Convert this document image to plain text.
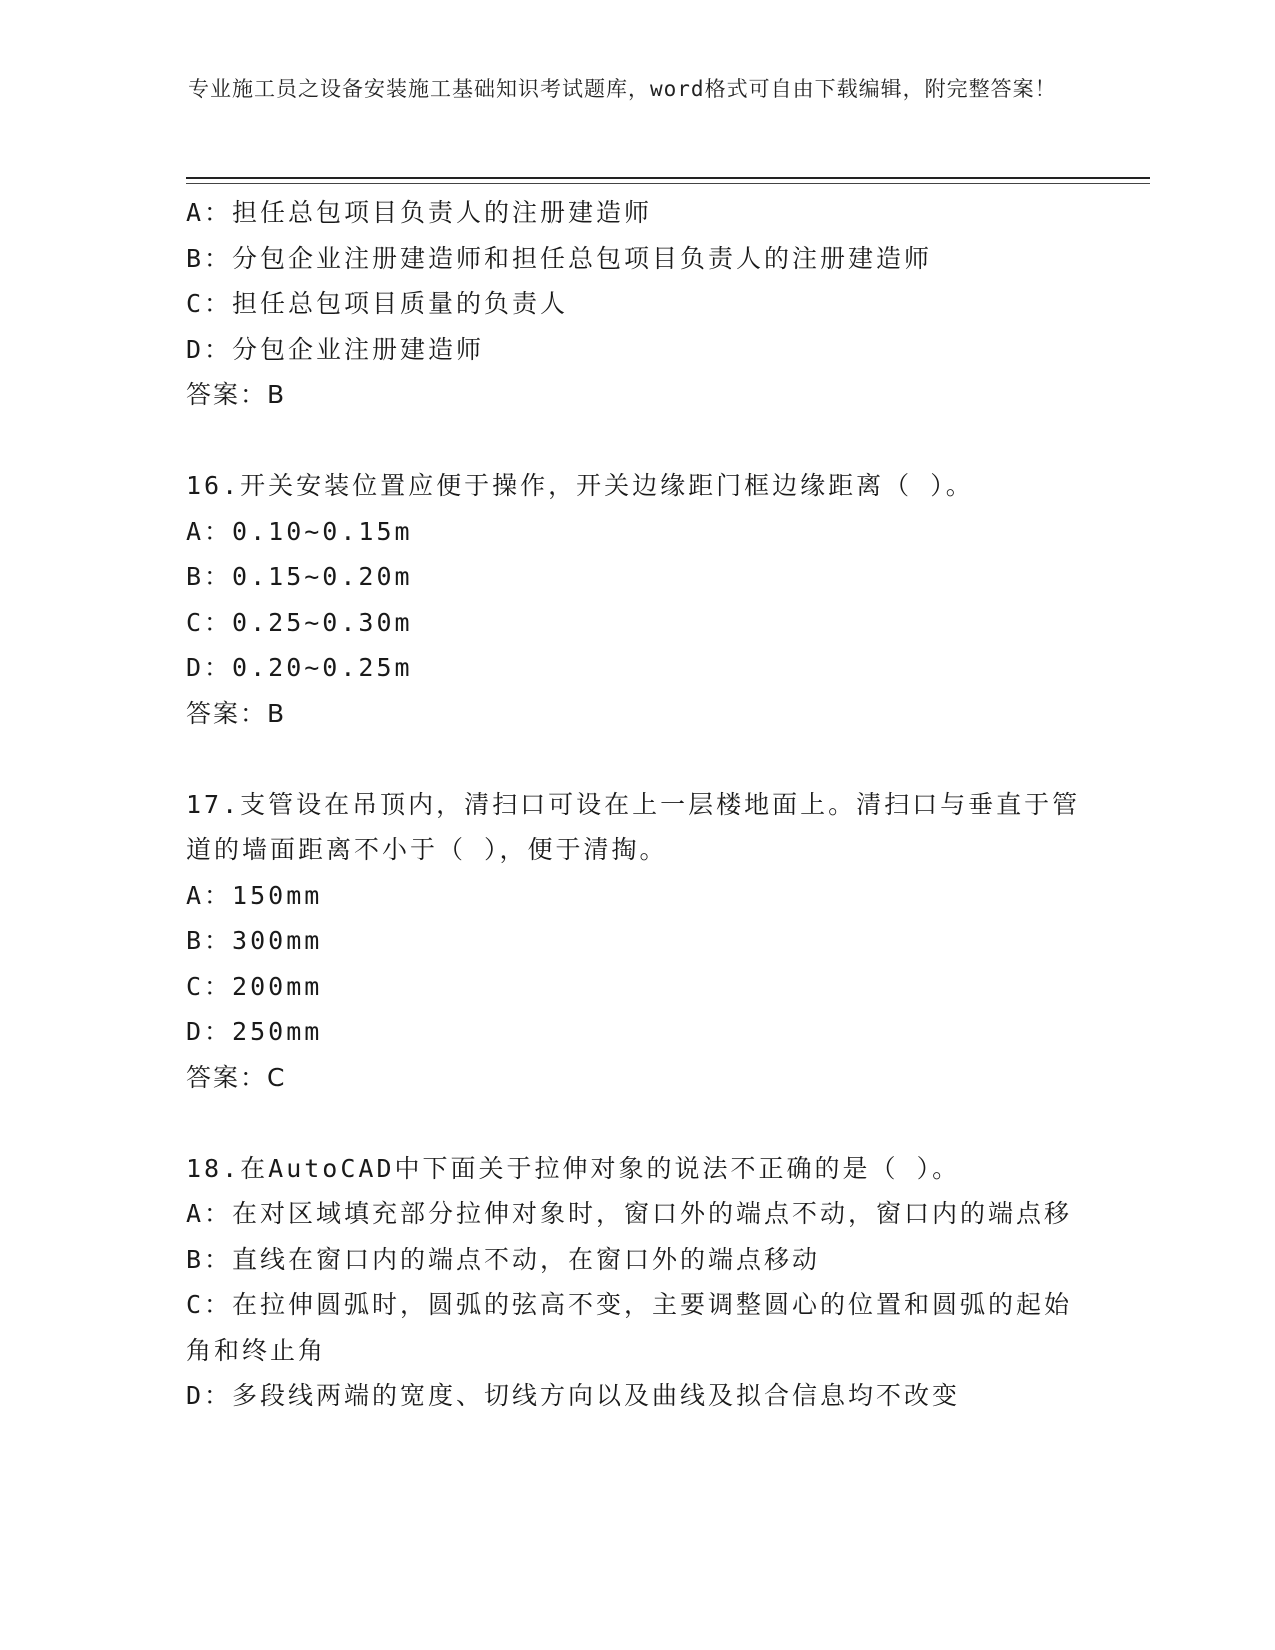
专业施工员之设备安装施工基础知识考试题库，word格式可自由下载编辑，附完整答案！
A：担任总包项目负责人的注册建造师
B：分包企业注册建造师和担任总包项目负责人的注册建造师
C：担任总包项目质量的负责人
D：分包企业注册建造师
答案：B
16.开关安装位置应便于操作，开关边缘距门框边缘距离（ ）。
A：0.10~0.15m
B：0.15~0.20m
C：0.25~0.30m
D：0.20~0.25m
答案：B
17.支管设在吊顶内，清扫口可设在上一层楼地面上。清扫口与垂直于管道的墙面距离不小于（ ），便于清掏。
A：150mm
B：300mm
C：200mm
D：250mm
答案：C
18.在AutoCAD中下面关于拉伸对象的说法不正确的是（ ）。
A：在对区域填充部分拉伸对象时，窗口外的端点不动，窗口内的端点移
B：直线在窗口内的端点不动，在窗口外的端点移动
C：在拉伸圆弧时，圆弧的弦高不变，主要调整圆心的位置和圆弧的起始角和终止角
D：多段线两端的宽度、切线方向以及曲线及拟合信息均不改变
